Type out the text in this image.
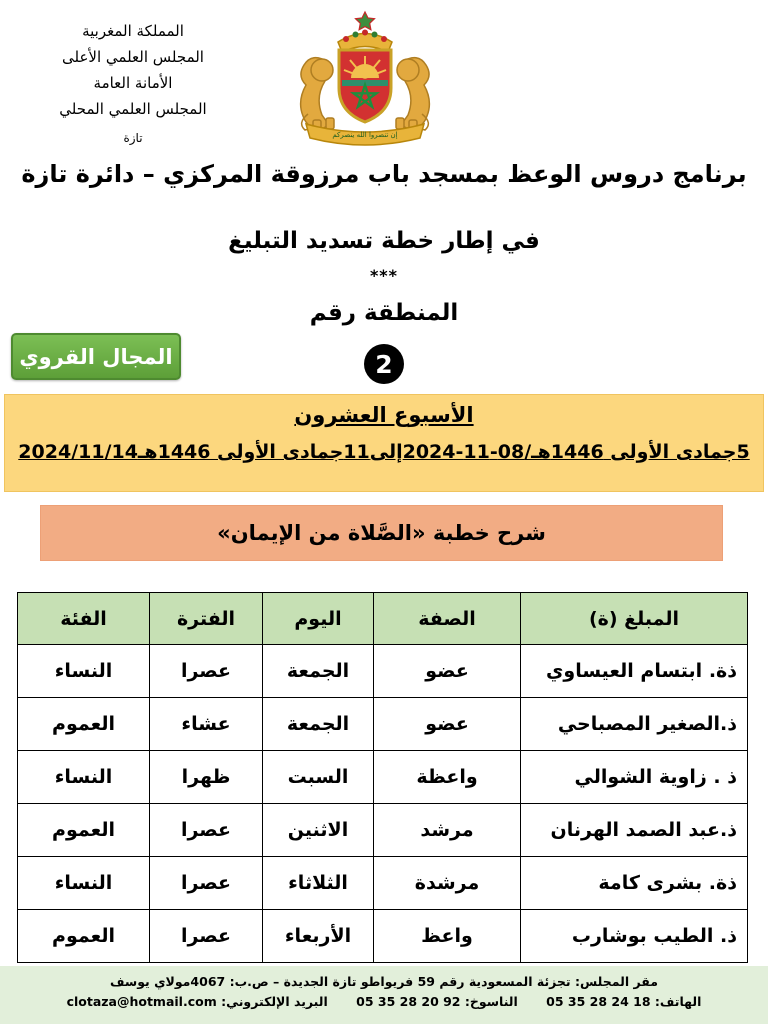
المملكة المغربية
المجلس العلمي الأعلى
الأمانة العامة
المجلس العلمي المحلي
تازة	إن تنصروا الله ينصركم
برنامج دروس الوعظ بمسجد باب مرزوقة المركزي – دائرة تازة
في إطار خطة تسديد التبليغ
***
المنطقة رقم
2
المجال القروي
الأسبوع العشرون
5جمادى الأولى 1446هـ/08-11-2024إلى11جمادى الأولى 1446هـ2024/11/14
شرح خطبة «الصَّلاة من الإيمان»
المبلغ (ة)	الصفة	اليوم	الفترة	الفئة
ذة. ابتسام العيساوي	عضو	الجمعة	عصرا	النساء
ذ.الصغير المصباحي	عضو	الجمعة	عشاء	العموم
ذ . زاوية الشوالي	واعظة	السبت	ظهرا	النساء
ذ.عبد الصمد الهرنان	مرشد	الاثنين	عصرا	العموم
ذة. بشرى كامة	مرشدة	الثلاثاء	عصرا	النساء
ذ. الطيب بوشارب	واعظ	الأربعاء	عصرا	العموم
مقر المجلس: تجزئة المسعودية رقم 59 فريواطو تازة الجديدة – ص.ب: 4067مولاي يوسف
الهاتف: 05 35 28 24 18 الناسوخ: 05 35 28 20 92 البريد الإلكتروني: clotaza@hotmail.com
